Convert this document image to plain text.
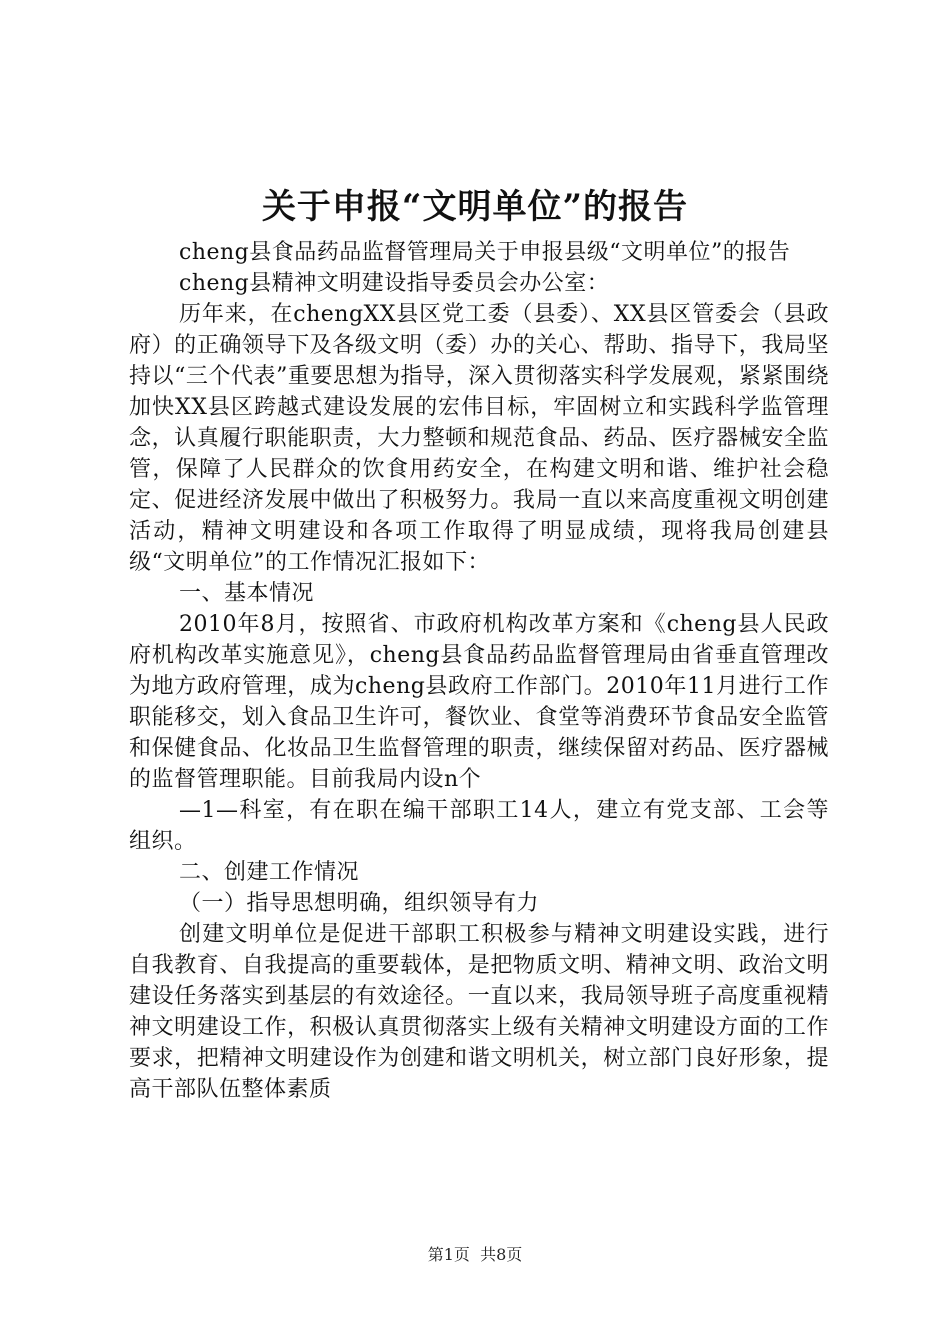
关于申报“文明单位”的报告

cheng县食品药品监督管理局关于申报县级“文明单位”的报告

cheng县精神文明建设指导委员会办公室：

历年来，在chengXX县区党工委（县委）、XX县区管委会（县政府）的正确领导下及各级文明（委）办的关心、帮助、指导下，我局坚持以“三个代表”重要思想为指导，深入贯彻落实科学发展观，紧紧围绕加快XX县区跨越式建设发展的宏伟目标，牢固树立和实践科学监管理念，认真履行职能职责，大力整顿和规范食品、药品、医疗器械安全监管，保障了人民群众的饮食用药安全，在构建文明和谐、维护社会稳定、促进经济发展中做出了积极努力。我局一直以来高度重视文明创建活动，精神文明建设和各项工作取得了明显成绩，现将我局创建县级“文明单位”的工作情况汇报如下：

一、基本情况

2010年8月，按照省、市政府机构改革方案和《cheng县人民政府机构改革实施意见》，cheng县食品药品监督管理局由省垂直管理改为地方政府管理，成为cheng县政府工作部门。2010年11月进行工作职能移交，划入食品卫生许可，餐饮业、食堂等消费环节食品安全监管和保健食品、化妆品卫生监督管理的职责，继续保留对药品、医疗器械的监督管理职能。目前我局内设n个

—1—科室，有在职在编干部职工14人，建立有党支部、工会等组织。

二、创建工作情况

（一）指导思想明确，组织领导有力

创建文明单位是促进干部职工积极参与精神文明建设实践，进行自我教育、自我提高的重要载体，是把物质文明、精神文明、政治文明建设任务落实到基层的有效途径。一直以来，我局领导班子高度重视精神文明建设工作，积极认真贯彻落实上级有关精神文明建设方面的工作要求，把精神文明建设作为创建和谐文明机关，树立部门良好形象，提高干部队伍整体素质

第1页 共8页
